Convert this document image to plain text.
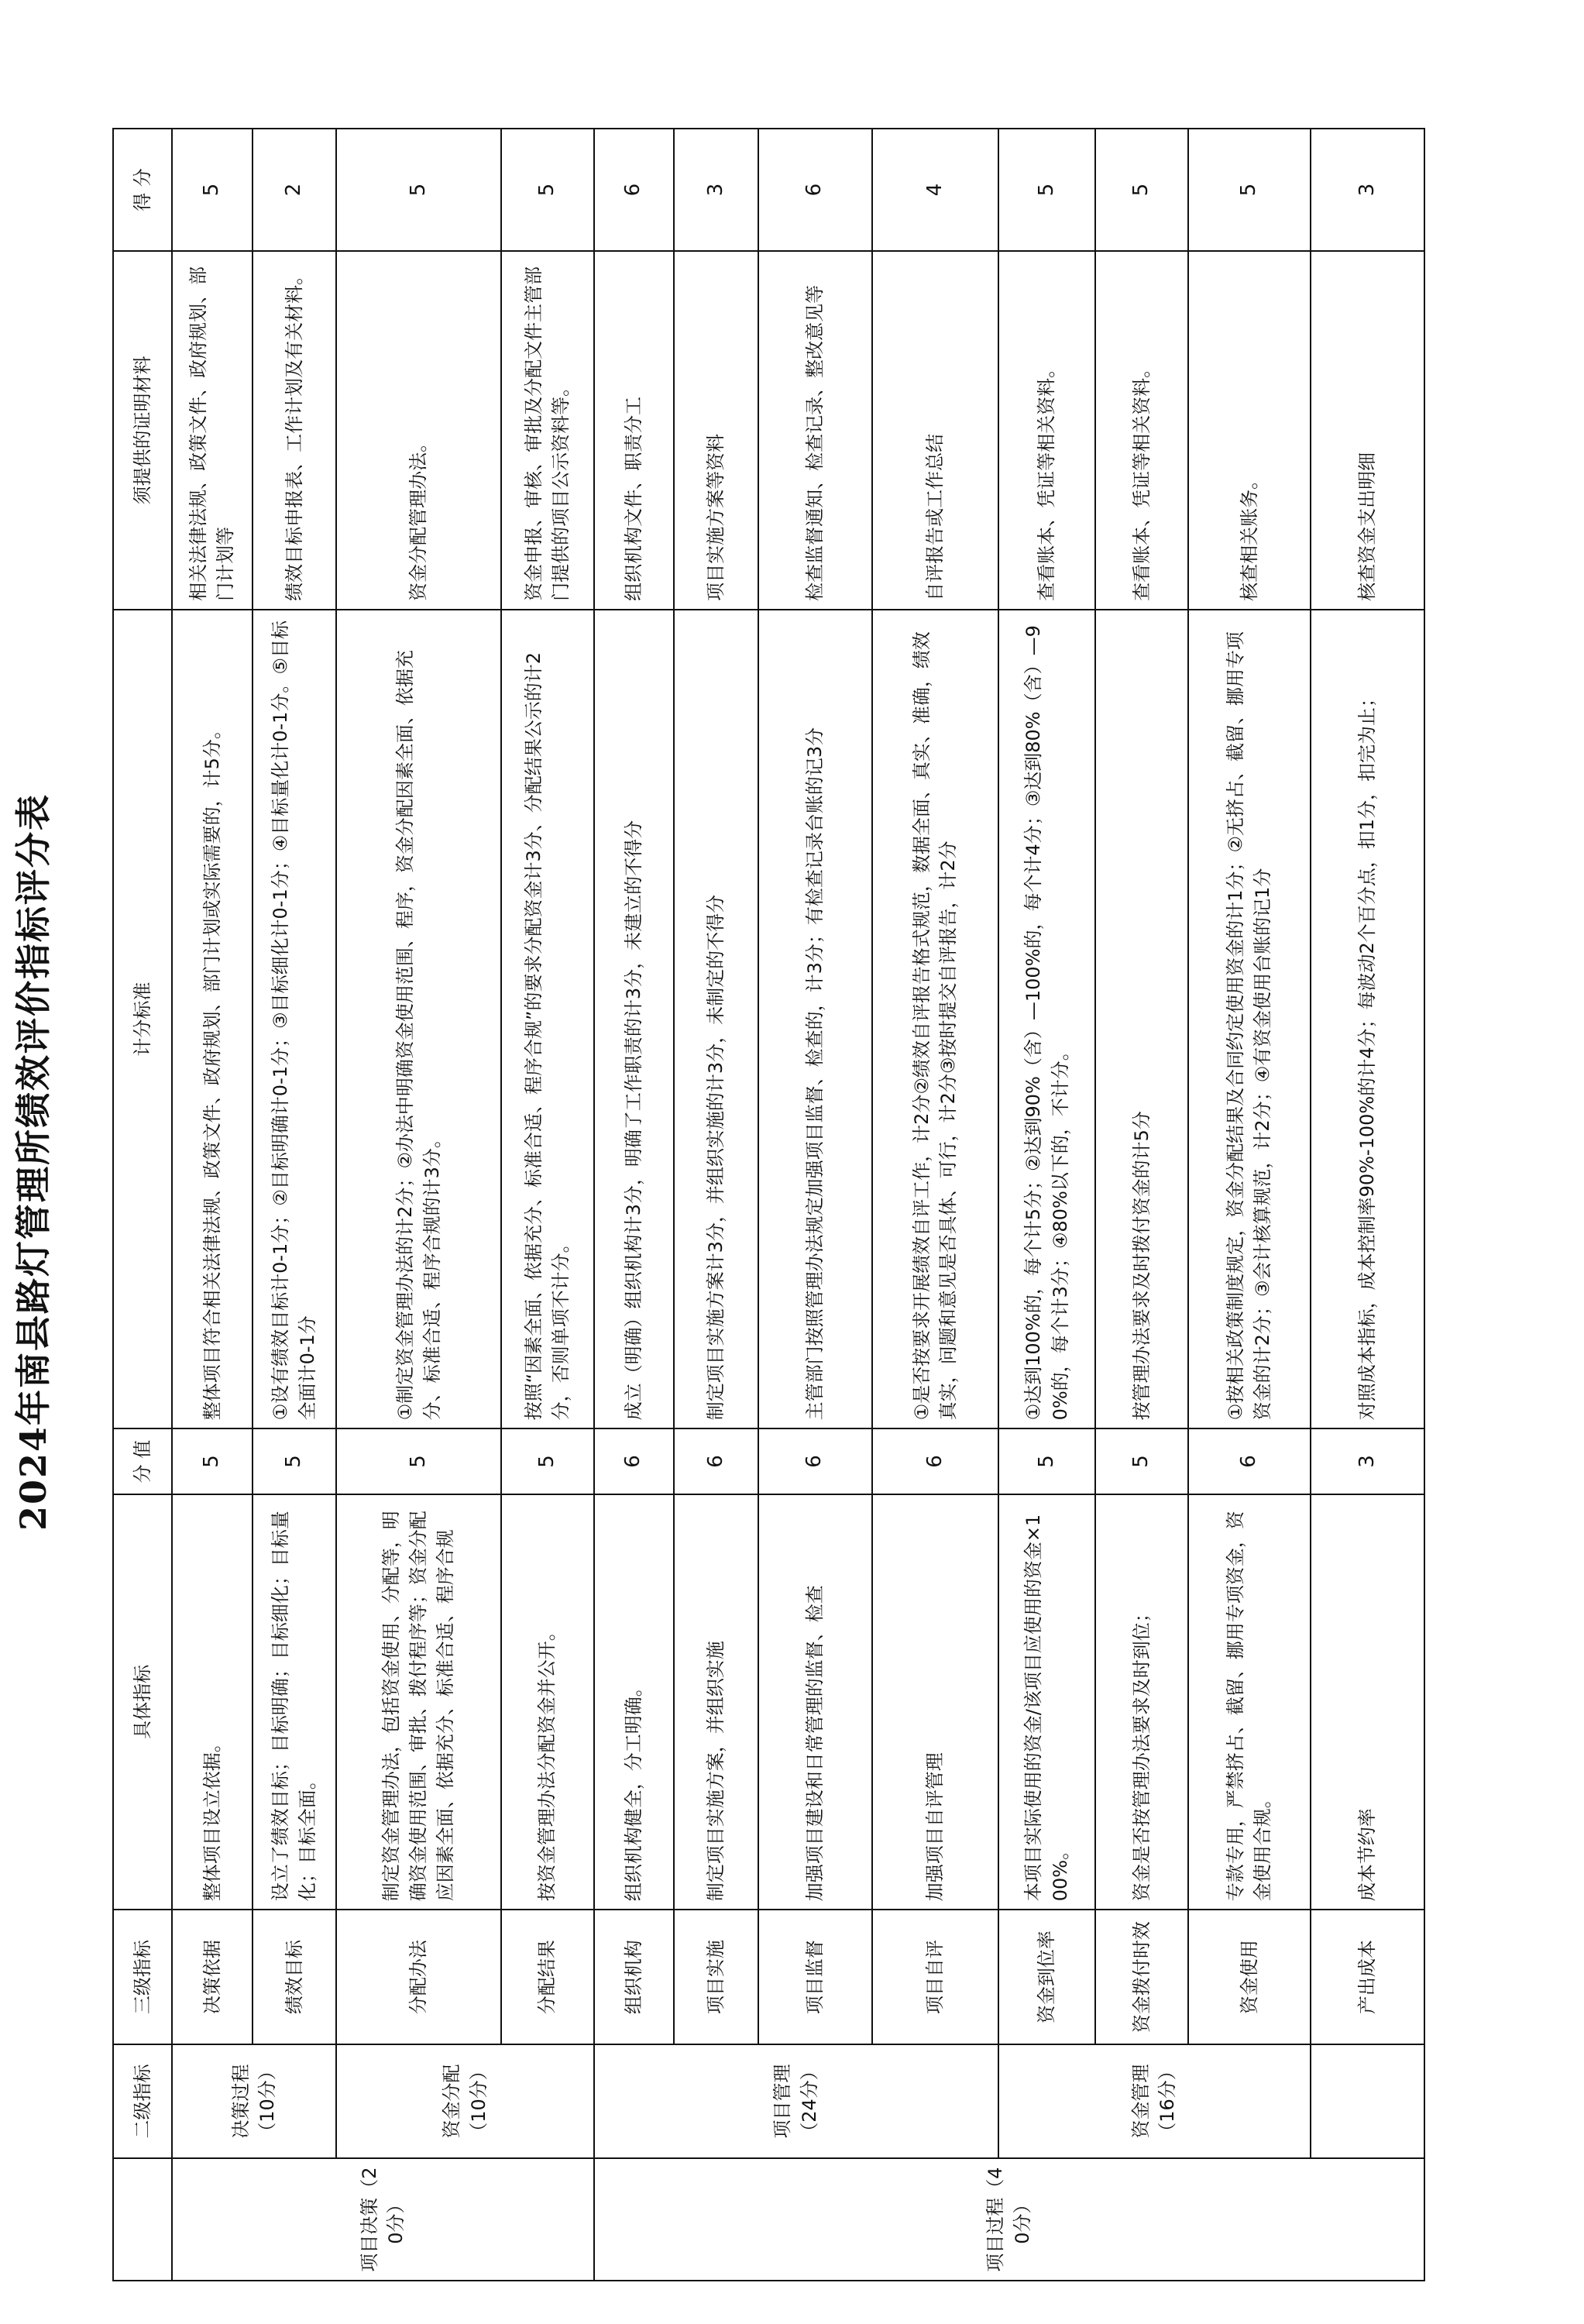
2024年南县路灯管理所绩效评价指标评分表
	二级指标	三级指标	具体指标	分 值	计分标准	须提供的证明材料	得 分
项目决策（20分）	决策过程（10分）	决策依据	整体项目设立依据。	5	整体项目符合相关法律法规、政策文件、政府规划、部门计划或实际需要的，计5分。	相关法律法规、政策文件、政府规划、部门计划等	5
		绩效目标	设立了绩效目标；目标明确；目标细化；目标量化；目标全面。	5	①设有绩效目标计0-1分；②目标明确计0-1分；③目标细化计0-1分；④目标量化计0-1分。⑤目标全面计0-1分	绩效目标申报表、工作计划及有关材料。	2
	资金分配（10分）	分配办法	制定资金管理办法，包括资金使用、分配等，明确资金使用范围、审批、拨付程序等；资金分配应因素全面、依据充分、标准合适、程序合规	5	①制定资金管理办法的计2分；②办法中明确资金使用范围、程序，资金分配因素全面、依据充分、标准合适、程序合规的计3分。	资金分配管理办法。	5
		分配结果	按资金管理办法分配资金并公开。	5	按照“因素全面、依据充分、标准合适、程序合规”的要求分配资金计3分、分配结果公示的计2分，否则单项不计分。	资金申报、审核、审批及分配文件主管部门提供的项目公示资料等。	5
项目过程（40分）	项目管理（24分）	组织机构	组织机构健全，分工明确。	6	成立（明确）组织机构计3分，明确了工作职责的计3分，未建立的不得分	组织机构文件、职责分工	6
		项目实施	制定项目实施方案，并组织实施	6	制定项目实施方案计3分，并组织实施的计3分，未制定的不得分	项目实施方案等资料	3
		项目监督	加强项目建设和日常管理的监督、检查	6	主管部门按照管理办法规定加强项目监督、检查的，计3分；有检查记录台账的记3分	检查监督通知、检查记录、整改意见等	6
		项目自评	加强项目自评管理	6	①是否按要求开展绩效自评工作，计2分②绩效自评报告格式规范，数据全面、真实、准确，绩效真实，问题和意见是否具体、可行，计2分③按时提交自评报告，计2分	自评报告或工作总结	4
	资金管理（16分）	资金到位率	本项目实际使用的资金/该项目应使用的资金×100%。	5	①达到100%的，每个计5分；②达到90%（含）—100%的，每个计4分；③达到80%（含）—90%的，每个计3分；④80%以下的，不计分。	查看账本、凭证等相关资料。	5
		资金拨付时效	资金是否按管理办法要求及时到位；	5	按管理办法要求及时拨付资金的计5分	查看账本、凭证等相关资料。	5
		资金使用	专款专用，严禁挤占、截留、挪用专项资金，资金使用合规。	6	①按相关政策制度规定，资金分配结果及合同约定使用资金的计1分；②无挤占、截留、挪用专项资金的计2分；③会计核算规范，计2分；④有资金使用台账的记1分	核查相关账务。	5
		产出成本	成本节约率	3	对照成本指标，成本控制率90%-100%的计4分；每波动2个百分点，扣1分，扣完为止；	核查资金支出明细	3
